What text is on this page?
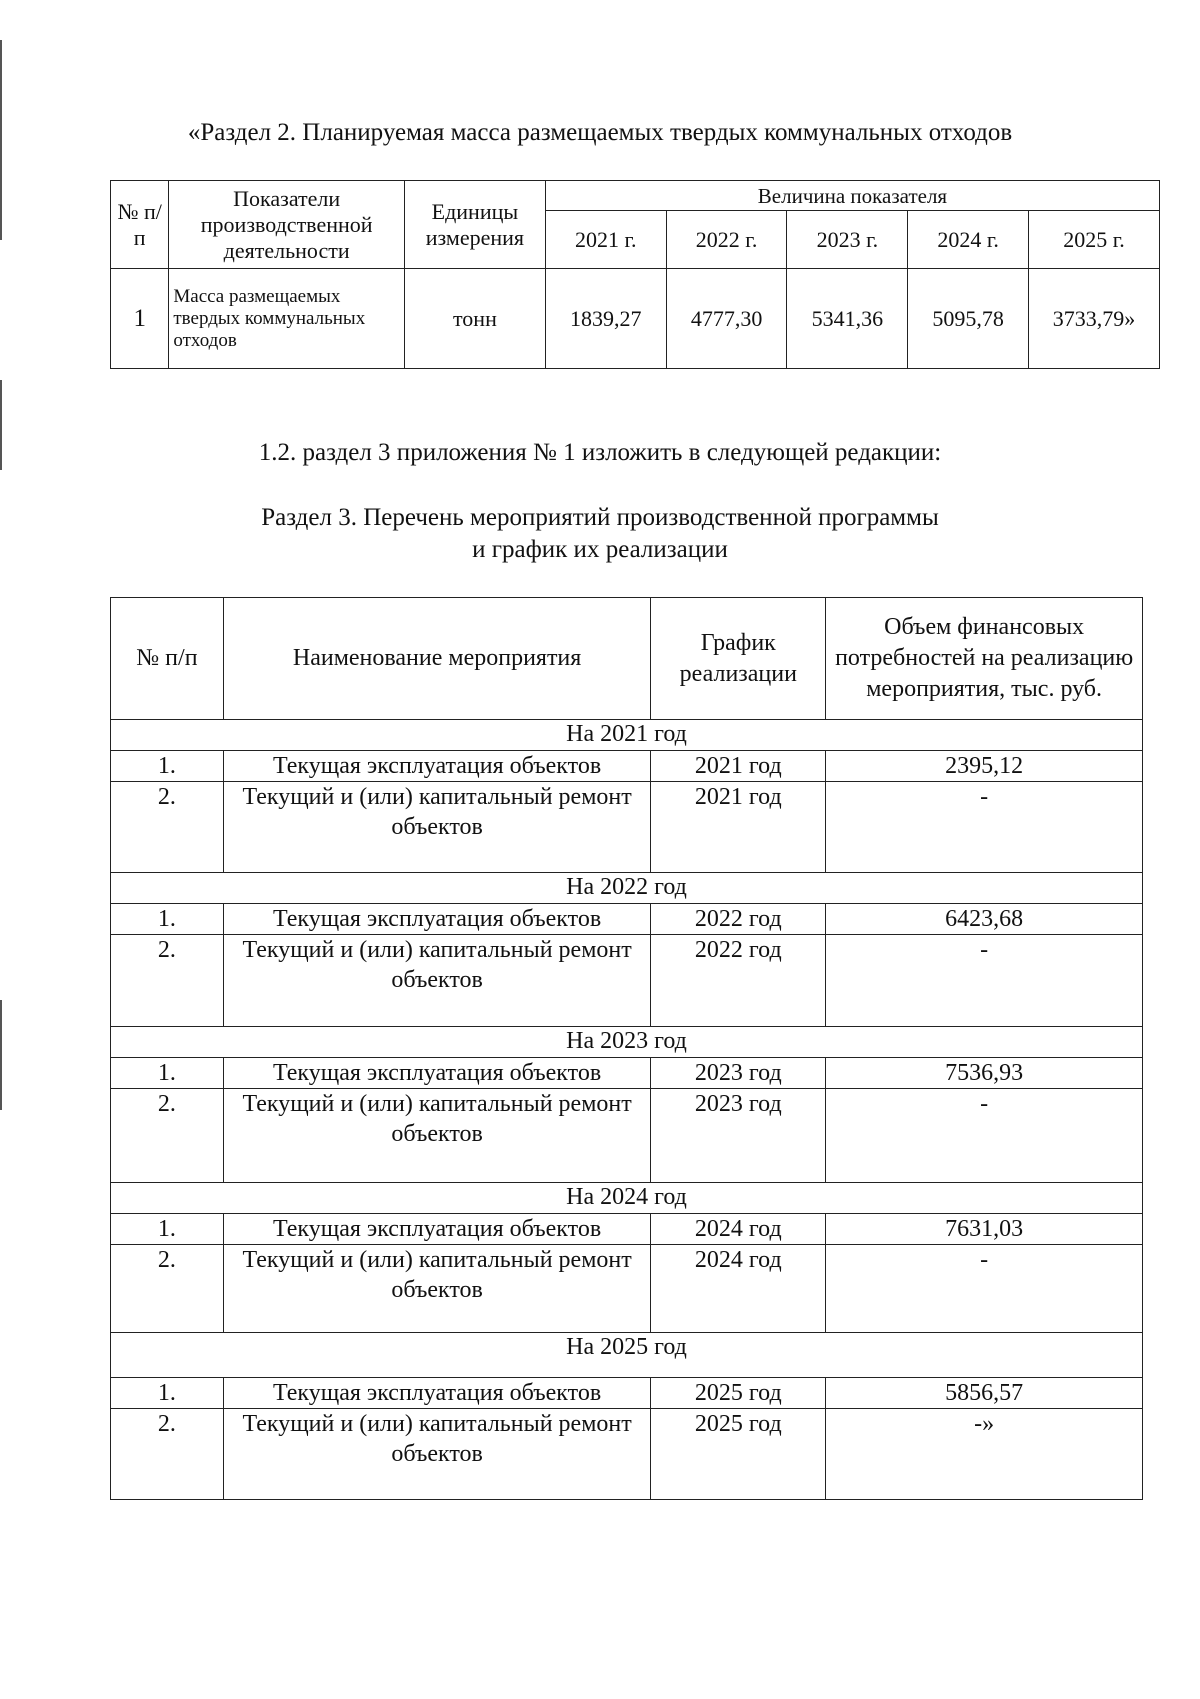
«Раздел 2. Планируемая масса размещаемых твердых коммунальных отходов
№ п/п	Показатели производственной деятельности	Единицы измерения	Величина показателя				
			2021 г.	2022 г.	2023 г.	2024 г.	2025 г.
1	Масса размещаемых твердых коммунальных отходов	тонн	1839,27	4777,30	5341,36	5095,78	3733,79»
1.2. раздел 3 приложения № 1 изложить в следующей редакции:
Раздел 3. Перечень мероприятий производственной программы
и график их реализации
№ п/п	Наименование мероприятия	График реализации	Объем финансовых потребностей на реализацию мероприятия, тыс. руб.
На 2021 год			
1.	Текущая эксплуатация объектов	2021 год	2395,12
2.	Текущий и (или) капитальный ремонт объектов	2021 год	-
На 2022 год			
1.	Текущая эксплуатация объектов	2022 год	6423,68
2.	Текущий и (или) капитальный ремонт объектов	2022 год	-
На 2023 год			
1.	Текущая эксплуатация объектов	2023 год	7536,93
2.	Текущий и (или) капитальный ремонт объектов	2023 год	-
На 2024 год			
1.	Текущая эксплуатация объектов	2024 год	7631,03
2.	Текущий и (или) капитальный ремонт объектов	2024 год	-
На 2025 год			
1.	Текущая эксплуатация объектов	2025 год	5856,57
2.	Текущий и (или) капитальный ремонт объектов	2025 год	-»
